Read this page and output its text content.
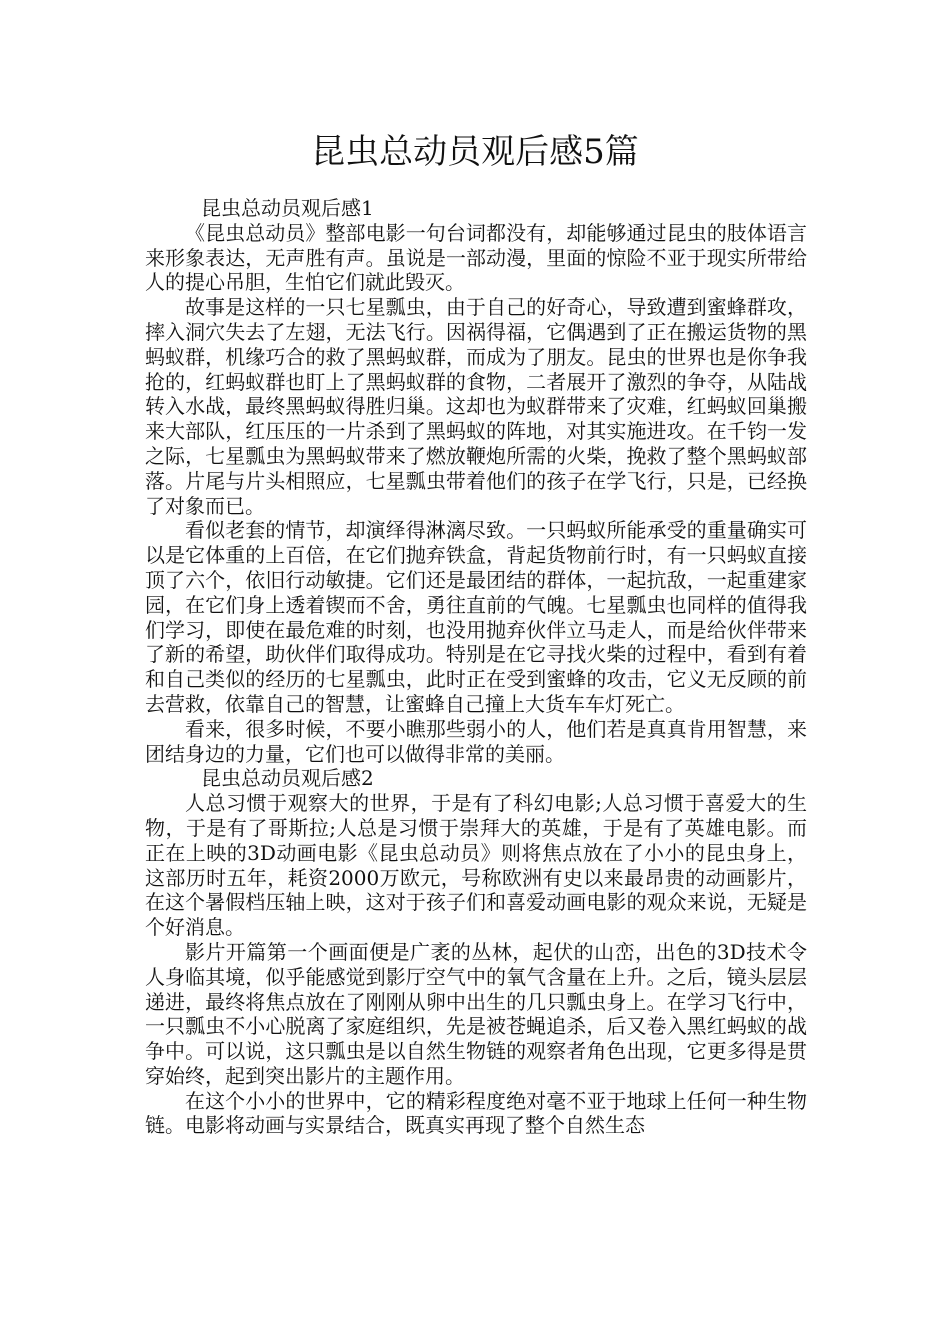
昆虫总动员观后感5篇

昆虫总动员观后感1

《昆虫总动员》整部电影一句台词都没有，却能够通过昆虫的肢体语言来形象表达，无声胜有声。虽说是一部动漫，里面的惊险不亚于现实所带给人的提心吊胆，生怕它们就此毁灭。

故事是这样的一只七星瓢虫，由于自己的好奇心，导致遭到蜜蜂群攻，摔入洞穴失去了左翅，无法飞行。因祸得福，它偶遇到了正在搬运货物的黑蚂蚁群，机缘巧合的救了黑蚂蚁群，而成为了朋友。昆虫的世界也是你争我抢的，红蚂蚁群也盯上了黑蚂蚁群的食物，二者展开了激烈的争夺，从陆战转入水战，最终黑蚂蚁得胜归巢。这却也为蚁群带来了灾难，红蚂蚁回巢搬来大部队，红压压的一片杀到了黑蚂蚁的阵地，对其实施进攻。在千钧一发之际，七星瓢虫为黑蚂蚁带来了燃放鞭炮所需的火柴，挽救了整个黑蚂蚁部落。片尾与片头相照应，七星瓢虫带着他们的孩子在学飞行，只是，已经换了对象而已。

看似老套的情节，却演绎得淋漓尽致。一只蚂蚁所能承受的重量确实可以是它体重的上百倍，在它们抛弃铁盒，背起货物前行时，有一只蚂蚁直接顶了六个，依旧行动敏捷。它们还是最团结的群体，一起抗敌，一起重建家园，在它们身上透着锲而不舍，勇往直前的气魄。七星瓢虫也同样的值得我们学习，即使在最危难的时刻，也没用抛弃伙伴立马走人，而是给伙伴带来了新的希望，助伙伴们取得成功。特别是在它寻找火柴的过程中，看到有着和自己类似的经历的七星瓢虫，此时正在受到蜜蜂的攻击，它义无反顾的前去营救，依靠自己的智慧，让蜜蜂自己撞上大货车车灯死亡。

看来，很多时候，不要小瞧那些弱小的人，他们若是真真肯用智慧，来团结身边的力量，它们也可以做得非常的美丽。

昆虫总动员观后感2

人总习惯于观察大的世界，于是有了科幻电影;人总习惯于喜爱大的生物，于是有了哥斯拉;人总是习惯于崇拜大的英雄，于是有了英雄电影。而正在上映的3D动画电影《昆虫总动员》则将焦点放在了小小的昆虫身上，这部历时五年，耗资2000万欧元，号称欧洲有史以来最昂贵的动画影片，在这个暑假档压轴上映，这对于孩子们和喜爱动画电影的观众来说，无疑是个好消息。

影片开篇第一个画面便是广袤的丛林，起伏的山峦，出色的3D技术令人身临其境，似乎能感觉到影厅空气中的氧气含量在上升。之后，镜头层层递进，最终将焦点放在了刚刚从卵中出生的几只瓢虫身上。在学习飞行中，一只瓢虫不小心脱离了家庭组织，先是被苍蝇追杀，后又卷入黑红蚂蚁的战争中。可以说，这只瓢虫是以自然生物链的观察者角色出现，它更多得是贯穿始终，起到突出影片的主题作用。

在这个小小的世界中，它的精彩程度绝对毫不亚于地球上任何一种生物链。电影将动画与实景结合，既真实再现了整个自然生态
